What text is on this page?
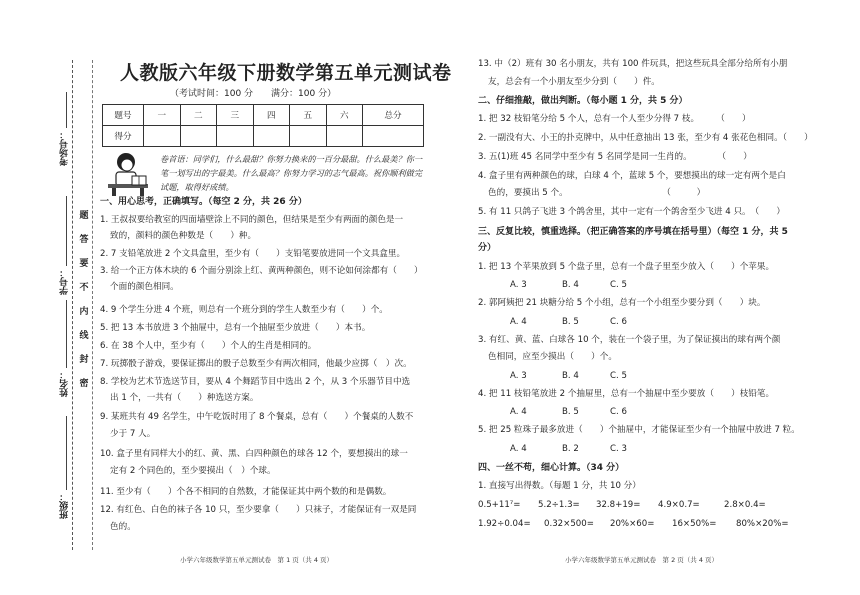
考场号：
学号：
姓名：
班级：
题
答
要
不
内
线
封
密
人教版六年级下册数学第五单元测试卷
（考试时间：100 分　　满分：100 分）
题号	一	二	三	四	五	六	总分
得分							
卷首语：同学们，什么最甜？你努力换来的一百分最甜。什么最美？你一笔一划写出的字最美。什么最高？你努力学习的志气最高。祝你顺利做完试题，取得好成绩。
一、用心思考，正确填写。（每空 2 分，共 26 分）
1. 王叔叔要给教室的四面墙壁涂上不同的颜色，但结果是至少有两面的颜色是一
致的，颜料的颜色种数是（　　）种。
2. 7 支铅笔放进 2 个文具盒里，至少有（　　）支铅笔要放进同一个文具盒里。
3. 给一个正方体木块的 6 个面分别涂上红、黄两种颜色，则不论如何涂都有（　　）
个面的颜色相同。
4. 9 个学生分进 4 个班，则总有一个班分到的学生人数至少有（　　）个。
5. 把 13 本书放进 3 个抽屉中，总有一个抽屉至少放进（　　）本书。
6. 在 38 个人中，至少有（　　）个人的生肖是相同的。
7. 玩掷骰子游戏，要保证掷出的骰子总数至少有两次相同，他最少应掷（　）次。
8. 学校为艺术节选送节目，要从 4 个舞蹈节目中选出 2 个，从 3 个乐器节目中选
出 1 个，一共有（　　）种选送方案。
9. 某班共有 49 名学生，中午吃饭时用了 8 个餐桌，总有（　　）个餐桌的人数不
少于 7 人。
10. 盒子里有同样大小的红、黄、黑、白四种颜色的球各 12 个，要想摸出的球一
定有 2 个同色的，至少要摸出（　）个球。
11. 至少有（　　）个各不相同的自然数，才能保证其中两个数的和是偶数。
12. 有红色、白色的袜子各 10 只，至少要拿（　　）只袜子，才能保证有一双是同
色的。
小学六年级数学第五单元测试卷　第 1 页（共 4 页）
13. 中（2）班有 30 名小朋友，共有 100 件玩具，把这些玩具全部分给所有小朋
友，总会有一个小朋友至少分到（　　）件。
二、仔细推敲，做出判断。（每小题 1 分，共 5 分）
1. 把 32 枝铅笔分给 5 个人，总有一个人至少分得 7 枝。　　　（　　）
2. 一副没有大、小王的扑克牌中，从中任意抽出 13 张，至少有 4 张花色相同。（　　）
3. 五(1)班 45 名同学中至少有 5 名同学是同一生肖的。　　　　（　　）
4. 盒子里有两种颜色的球，白球 4 个，蓝球 5 个，要想摸出的球一定有两个是白
色的，要摸出 5 个。　　　　　　　　　　　　（　　　）
5. 有 11 只鸽子飞进 3 个鸽舍里，其中一定有一个鸽舍至少飞进 4 只。　（　　）
三、反复比较，慎重选择。（把正确答案的序号填在括号里）（每空 1 分，共 5
分）
1. 把 13 个苹果放到 5 个盘子里，总有一个盘子里至少放入（　　）个苹果。
A. 3	B. 4	C. 5
2. 郭阿姨把 21 块糖分给 5 个小组，总有一个小组至少要分到（　　）块。
A. 4	B. 5	C. 6
3. 有红、黄、蓝、白球各 10 个，装在一个袋子里，为了保证摸出的球有两个颜
色相同，应至少摸出（　　）个。
A. 3	B. 4	C. 5
4. 把 11 枝铅笔放进 2 个抽屉里，总有一个抽屉中至少要放（　　）枝铅笔。
A. 4	B. 5	C. 6
5. 把 25 粒珠子最多放进（　　）个抽屉中，才能保证至少有一个抽屉中放进 7 粒。
A. 4	B. 2	C. 3
四、一丝不苟，细心计算。（34 分）
1. 直接写出得数。（每题 1 分，共 10 分）
0.5+11⁷= 5.2÷1.3= 32.8+19= 4.9×0.7=	2.8×0.4=
1.92÷0.04= 0.32×500= 20%×60= 16×50%= 80%×20%=
小学六年级数学第五单元测试卷　第 2 页（共 4 页）
